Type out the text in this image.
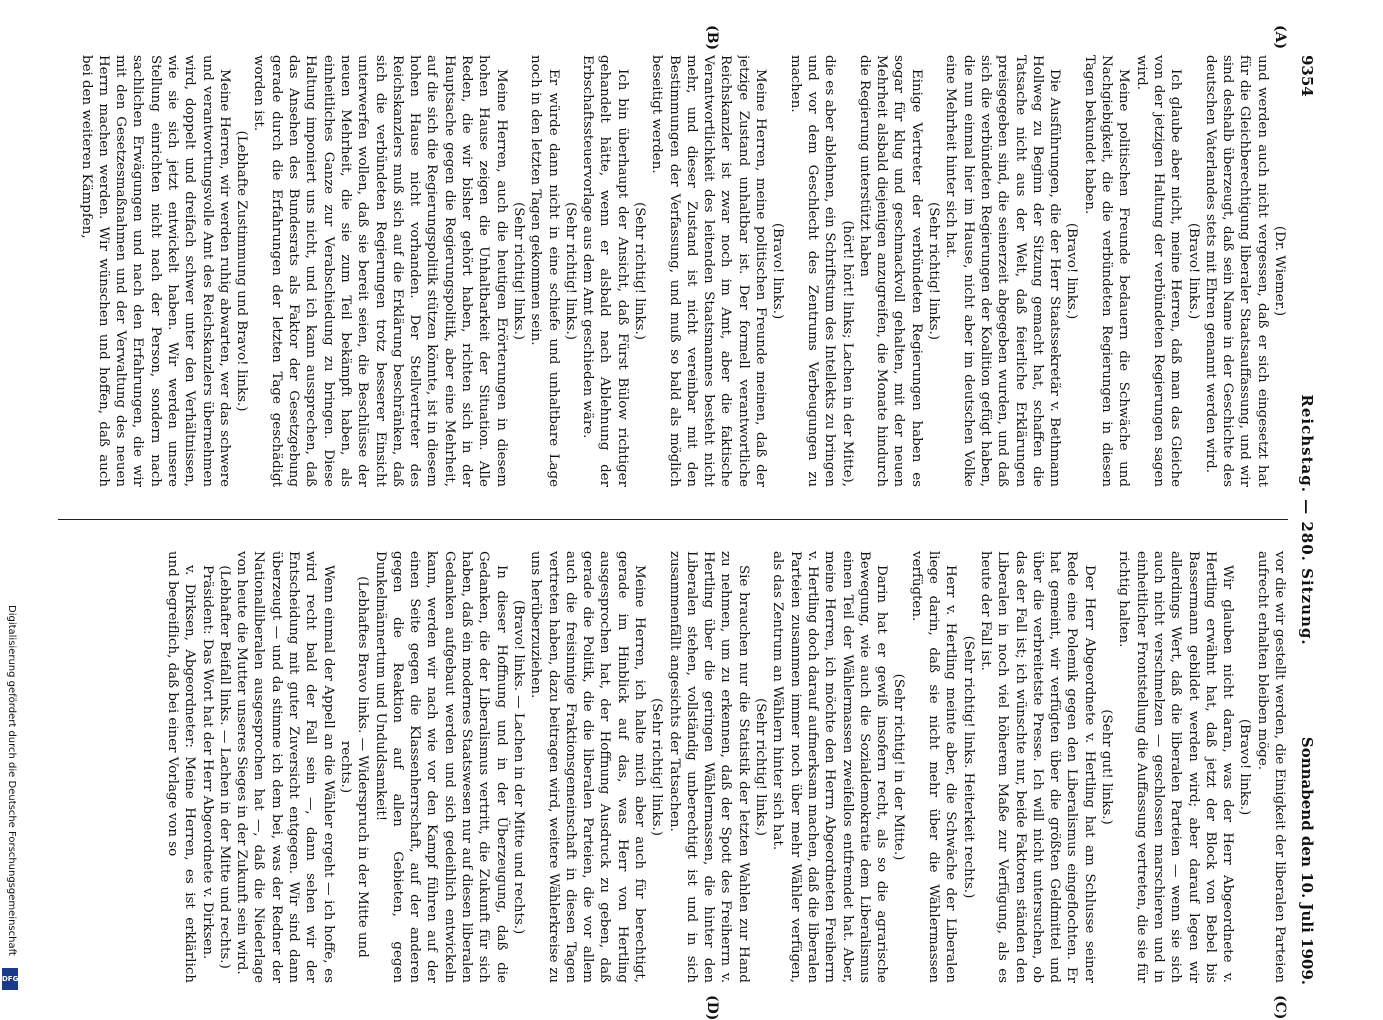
9354
Reichstag. — 280. Sitzung.
Sonnabend den 10. Juli 1909.
(A)
(B)
(C)
(D)

(Dr. Wiemer.)

und werden auch nicht vergessen, daß er sich eingesetzt hat für die Gleichberechtigung liberaler Staatsauffassung, und wir sind deshalb überzeugt, daß sein Name in der Geschichte des deutschen Vaterlandes stets mit Ehren genannt werden wird.

(Bravo! links.)

Ich glaube aber nicht, meine Herren, daß man das Gleiche von der jetzigen Haltung der verbündeten Regierungen sagen wird.

Meine politischen Freunde bedauern die Schwäche und Nachgiebigkeit, die die verbündeten Regierungen in diesen Tagen bekundet haben.

(Bravo! links.)

Die Ausführungen, die der Herr Staatssekretär v. Bethmann Hollweg zu Beginn der Sitzung gemacht hat, schaffen die Tatsache nicht aus der Welt, daß feierliche Erklärungen preisgegeben sind, die seinerzeit abgegeben wurden, und daß sich die verbündeten Regierungen der Koalition gefügt haben, die nun einmal hier im Hause, nicht aber im deutschen Volke eine Mehrheit hinter sich hat.

(Sehr richtig! links.)

Einige Vertreter der verbündeten Regierungen haben es sogar für klug und geschmackvoll gehalten, mit der neuen Mehrheit alsbald diejenigen anzugreifen, die Monate hindurch die Regierung unterstützt haben

(hört! hört! links; Lachen in der Mitte),

die es aber ablehnen, ein Schriftstum des Intellekts zu bringen und vor dem Geschlecht des Zentrums Verbeugungen zu machen.

(Bravo! links.)

Meine Herren, meine politischen Freunde meinen, daß der jetzige Zustand unhaltbar ist. Der formell verantwortliche Reichskanzler ist zwar noch im Amt, aber die faktische Verantwortlichkeit des leitenden Staatsmannes besteht nicht mehr, und dieser Zustand ist nicht vereinbar mit den Bestimmungen der Verfassung, und muß so bald als möglich beseitigt werden.

(Sehr richtig! links.)

Ich bin überhaupt der Ansicht, daß Fürst Bülow richtiger gehandelt hätte, wenn er alsbald nach Ablehnung der Erbschaftssteuervorlage aus dem Amt geschieden wäre.

(Sehr richtig! links.)

Er würde dann nicht in eine schiefe und unhaltbare Lage noch in den letzten Tagen gekommen sein.

(Sehr richtig! links.)

Meine Herren, auch die heutigen Erörterungen in diesem hohen Hause zeigen die Unhaltbarkeit der Situation. Alle Reden, die wir bisher gehört haben, richten sich in der Hauptsache gegen die Regierungspolitik, aber eine Mehrheit, auf die sich die Regierungspolitik stützen könnte, ist in diesem hohen Hause nicht vorhanden. Der Stellvertreter des Reichskanzlers muß sich auf die Erklärung beschränken, daß sich die verbündeten Regierungen trotz besserer Einsicht unterwerfen wollen, daß sie bereit seien, die Beschlüsse der neuen Mehrheit, die sie zum Teil bekämpft haben, als einheitliches Ganze zur Verabschiedung zu bringen. Diese Haltung imponiert uns nicht, und ich kann aussprechen, daß das Ansehen des Bundesrats als Faktor der Gesetzgebung gerade durch die Erfahrungen der letzten Tage geschädigt worden ist.

(Lebhafte Zustimmung und Bravo! links.)

Meine Herren, wir werden ruhig abwarten, wer das schwere und verantwortungsvolle Amt des Reichskanzlers übernehmen wird, doppelt und dreifach schwer unter den Verhältnissen, wie sie sich jetzt entwickelt haben. Wir werden unsere Stellung einrichten nicht nach der Person, sondern nach sachlichen Erwägungen und nach den Erfahrungen, die wir mit den Gesetzesmaßnahmen und der Verwaltung des neuen Herrn machen werden. Wir wünschen und hoffen, daß auch bei den weiteren Kämpfen,

vor die wir gestellt werden, die Einigkeit der liberalen Parteien aufrecht erhalten bleiben möge.

(Bravo! links.)

Wir glauben nicht daran, was der Herr Abgeordnete v. Hertling erwähnt hat, daß jetzt der Block von Bebel bis Bassermann gebildet werden wird; aber darauf legen wir allerdings Wert, daß die liberalen Parteien — wenn sie sich auch nicht verschmelzen — geschlossen marschieren und in einheitlicher Frontstellung die Auffassung vertreten, die sie für richtig halten.

(Sehr gut! links.)

Der Herr Abgeordnete v. Hertling hat am Schlusse seiner Rede eine Polemik gegen den Liberalismus eingeflochten. Er hat gemeint, wir verfügten über die größten Geldmittel und über die verbreitetste Presse. Ich will nicht untersuchen, ob das der Fall ist; ich wünschte nur, beide Faktoren ständen den Liberalen in noch viel höherem Maße zur Verfügung, als es heute der Fall ist.

(Sehr richtig! links. Heiterkeit rechts.)

Herr v. Hertling meinte aber, die Schwäche der Liberalen liege darin, daß sie nicht mehr über die Wählermassen verfügten.

(Sehr richtig! in der Mitte.)

Darin hat er gewiß insofern recht, als so die agrarische Bewegung, wie auch die Sozialdemokratie dem Liberalismus einen Teil der Wählermassen zweifellos entfremdet hat. Aber, meine Herren, ich möchte den Herrn Abgeordneten Freiherrn v. Hertling doch darauf aufmerksam machen, daß die liberalen Parteien zusammen immer noch über mehr Wähler verfügen, als das Zentrum an Wählern hinter sich hat.

(Sehr richtig! links.)

Sie brauchen nur die Statistik der letzten Wahlen zur Hand zu nehmen, um zu erkennen, daß der Spott des Freiherrn v. Hertling über die geringen Wählermassen, die hinter den Liberalen stehen, vollständig unberechtigt ist und in sich zusammenfällt angesichts der Tatsachen.

(Sehr richtig! links.)

Meine Herren, ich halte mich aber auch für berechtigt, gerade im Hinblick auf das, was Herr von Hertling ausgesprochen hat, der Hoffnung Ausdruck zu geben, daß gerade die Politik, die die liberalen Parteien, die vor allem auch die freisinnige Fraktionsgemeinschaft in diesen Tagen vertreten haben, dazu beitragen wird, weitere Wählerkreise zu uns herüberzuziehen.

(Bravo! links. — Lachen in der Mitte und rechts.)

In dieser Hoffnung und in der Überzeugung, daß die Gedanken, die der Liberalismus vertritt, die Zukunft für sich haben, daß ein modernes Staatswesen nur auf diesen liberalen Gedanken aufgebaut werden und sich gedeihlich entwickeln kann, werden wir nach wie vor den Kampf führen auf der einen Seite gegen die Klassenherrschaft, auf der anderen gegen die Reaktion auf allen Gebieten, gegen Dunkelmännertum und Unduldsamkeit!

(Lebhaftes Bravo links. — Widerspruch in der Mitte und rechts.)

Wenn einmal der Appell an die Wähler ergeht — ich hoffe, es wird recht bald der Fall sein —, dann sehen wir der Entscheidung mit guter Zuversicht entgegen. Wir sind dann überzeugt — und da stimme ich dem bei, was der Redner der Nationalliberalen ausgesprochen hat —, daß die Niederlage von heute die Mutter unseres Sieges in der Zukunft sein wird.

(Lebhafter Beifall links. — Lachen in der Mitte und rechts.)

Präsident: Das Wort hat der Herr Abgeordnete v. Dirksen.

v. Dirksen, Abgeordneter: Meine Herren, es ist erklärlich und begreiflich, daß bei einer Vorlage von so

Digitalisierung gefördert durch die Deutsche Forschungsgemeinschaft
DFG
